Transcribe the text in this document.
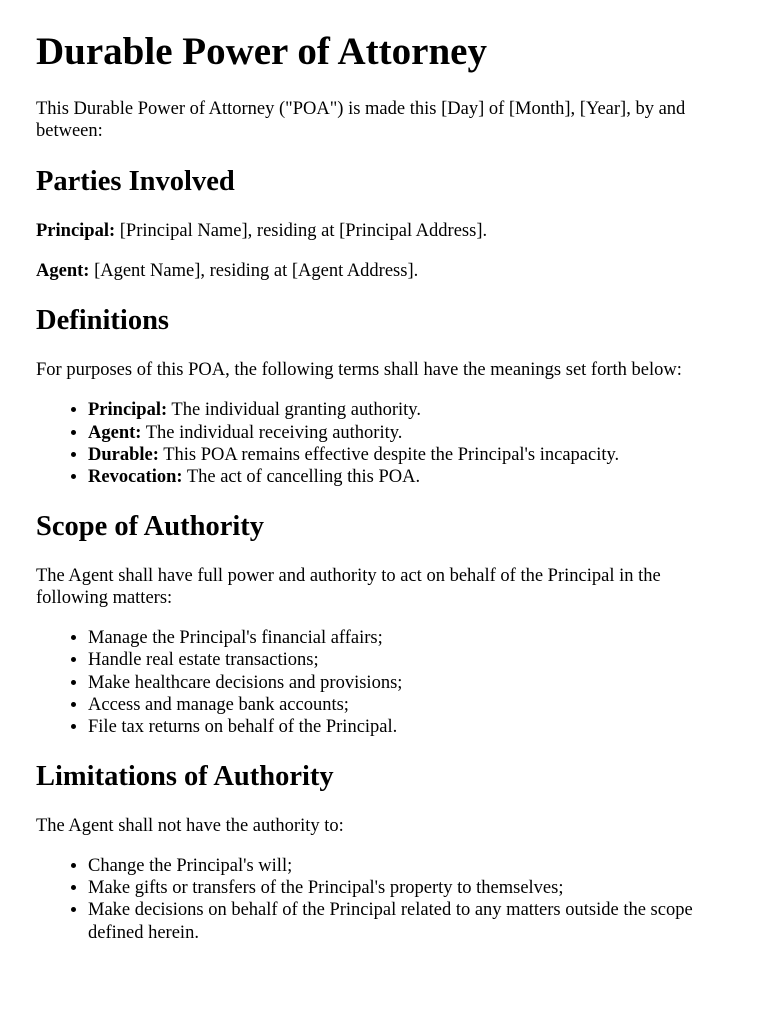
Durable Power of Attorney

This Durable Power of Attorney ("POA") is made this [Day] of [Month], [Year], by and between:

Parties Involved

Principal: [Principal Name], residing at [Principal Address].

Agent: [Agent Name], residing at [Agent Address].

Definitions

For purposes of this POA, the following terms shall have the meanings set forth below:

• Principal: The individual granting authority.
• Agent: The individual receiving authority.
• Durable: This POA remains effective despite the Principal's incapacity.
• Revocation: The act of cancelling this POA.
Scope of Authority

The Agent shall have full power and authority to act on behalf of the Principal in the following matters:

• Manage the Principal's financial affairs;
• Handle real estate transactions;
• Make healthcare decisions and provisions;
• Access and manage bank accounts;
• File tax returns on behalf of the Principal.
Limitations of Authority

The Agent shall not have the authority to:

• Change the Principal's will;
• Make gifts or transfers of the Principal's property to themselves;
• Make decisions on behalf of the Principal related to any matters outside the scope defined herein.
